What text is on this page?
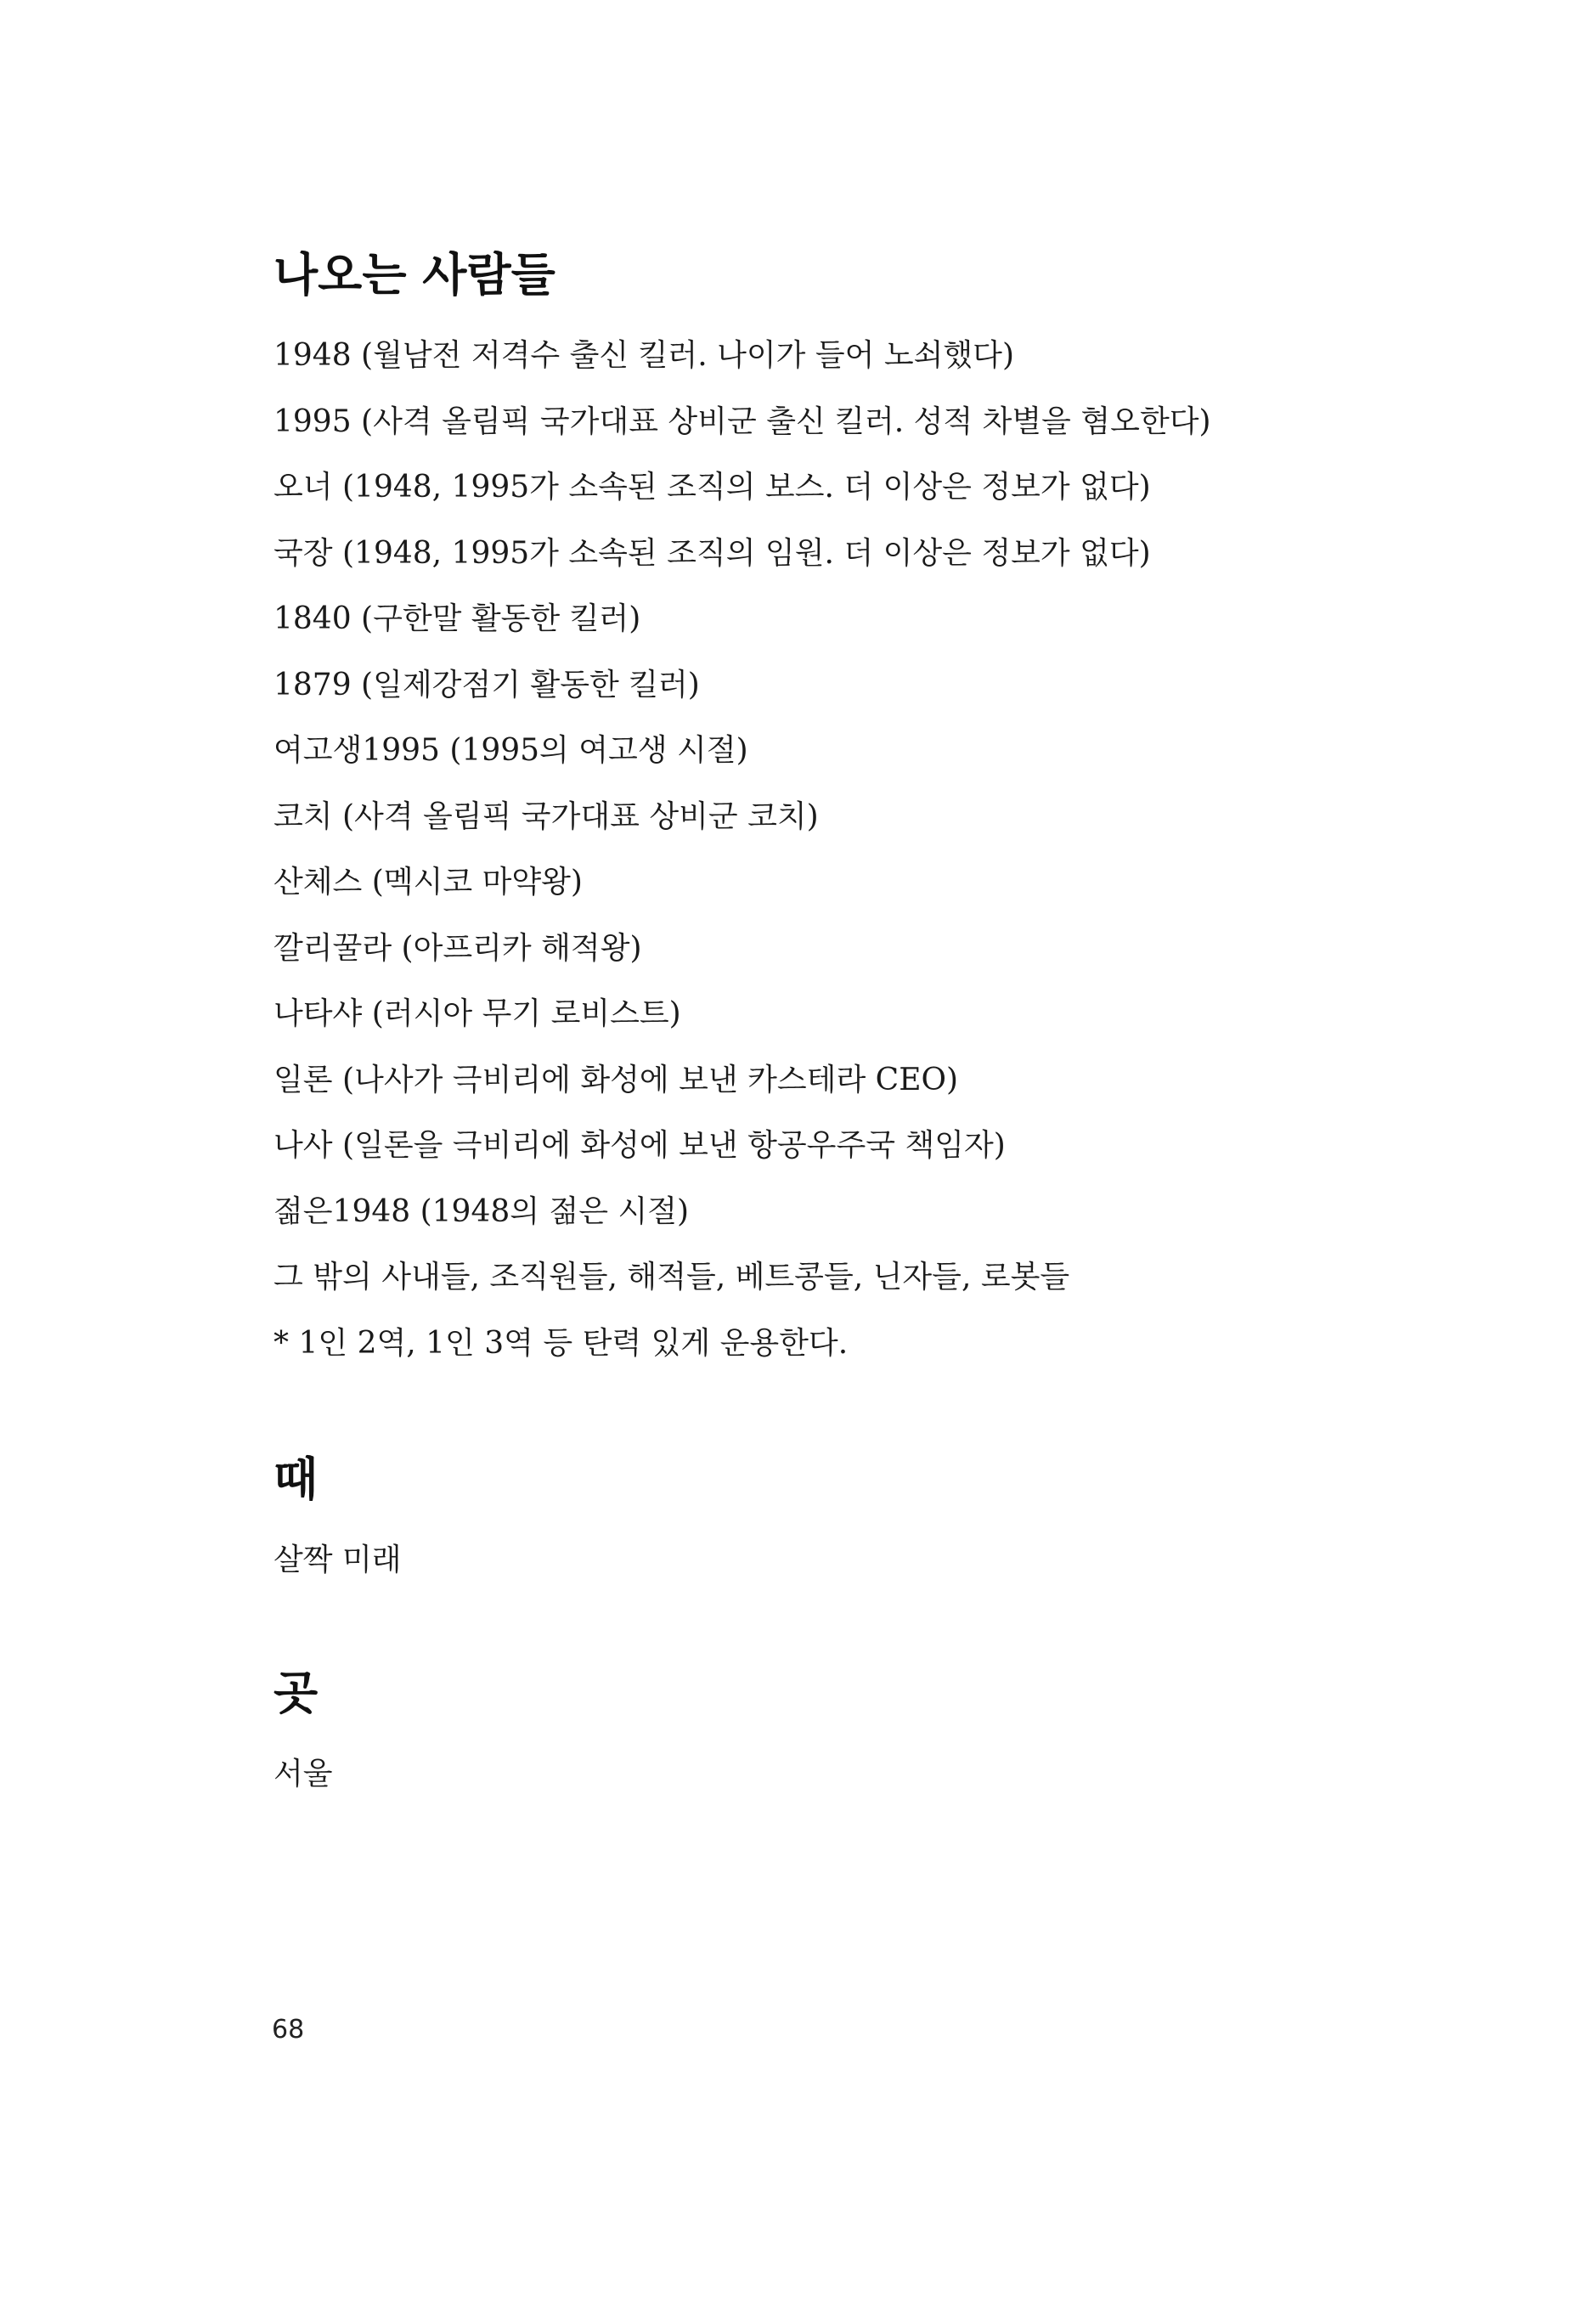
나오는 사람들
1948 (월남전 저격수 출신 킬러. 나이가 들어 노쇠했다)
1995 (사격 올림픽 국가대표 상비군 출신 킬러. 성적 차별을 혐오한다)
오너 (1948, 1995가 소속된 조직의 보스. 더 이상은 정보가 없다)
국장 (1948, 1995가 소속된 조직의 임원. 더 이상은 정보가 없다)
1840 (구한말 활동한 킬러)
1879 (일제강점기 활동한 킬러)
여고생1995 (1995의 여고생 시절)
코치 (사격 올림픽 국가대표 상비군 코치)
산체스 (멕시코 마약왕)
깔리꿀라 (아프리카 해적왕)
나타샤 (러시아 무기 로비스트)
일론 (나사가 극비리에 화성에 보낸 카스테라 CEO)
나사 (일론을 극비리에 화성에 보낸 항공우주국 책임자)
젊은1948 (1948의 젊은 시절)
그 밖의 사내들, 조직원들, 해적들, 베트콩들, 닌자들, 로봇들
* 1인 2역, 1인 3역 등 탄력 있게 운용한다.
때
살짝 미래
곳
서울
68
